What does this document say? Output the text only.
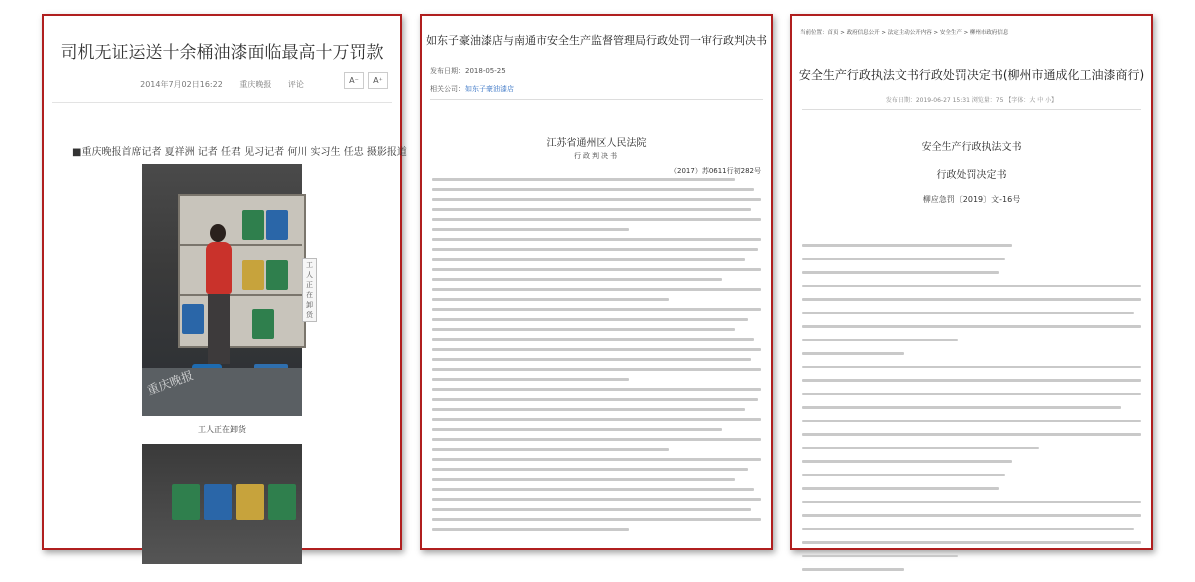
司机无证运送十余桶油漆面临最高十万罚款
2014年7月02日16:22 重庆晚报 评论	A⁻	A⁺
■重庆晚报首席记者 夏祥洲 记者 任君 见习记者 何川 实习生 任忠 摄影报道
工人正在卸货
重庆晚报
工人正在卸货
如东子豪油漆店与南通市安全生产监督管理局行政处罚一审行政判决书
发布日期：2018-05-25
相关公司：如东子豪油漆店
江苏省通州区人民法院
行政判决书
（2017）苏0611行初282号
当前位置：首页 > 政府信息公开 > 法定主动公开内容 > 安全生产 > 柳州市政府信息
安全生产行政执法文书行政处罚决定书(柳州市通成化工油漆商行)
发布日期：2019-06-27 15:31 浏览量：75 【字体：大 中 小】
安全生产行政执法文书
行政处罚决定书
柳应急罚〔2019〕文-16号
